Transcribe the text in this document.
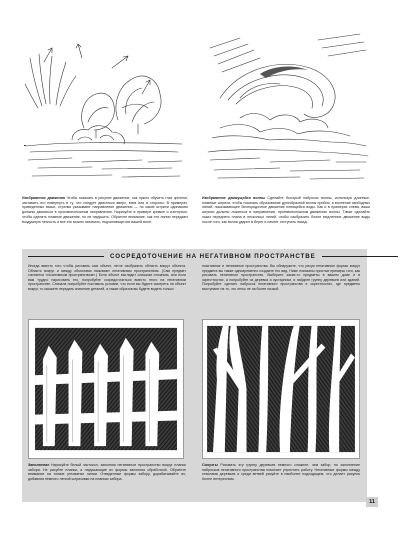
Изображение движения Чтобы показать в рисунке движение, как нужно обучить глаз зрителя, заставить его повернуть в ту, что следует двигаться вверх, вниз или в стороны. В примерах, приведенных выше, стрелки указывают направление движения — но какие штрихи одинаково должны двигаться в противоположном направлении. Нарисуйте в примере кривые и изогнутые, чтобы сделать плавное движение, но не нарушить. Обратите внимание, как эти линии передают воздушную легкость и все это можно написать, подчиняющегося вашей воле.
Изображение движущейся волны Сделайте быстрый набросок волны, используя длинные, плавные штрихи, чтобы показать образование дугообразной волны прибоя, а волнение свободных линий, показывающее беспорядочное движение пенящейся воды. Как и в примерах слева, ваши штрихи должны ложиться в направлении, противоположном движению волны. Также сделайте эскиз переднего плана в несколько линий, чтобы изобразить более медленное движение воды после того, как волна ударит в берег и начнет отступать назад.
СОСРЕДОТОЧЕНИЕ НА НЕГАТИВНОМ ПРОСТРАНСТВЕ
Иногда вместо того чтобы рисовать сам объект, легче изобразить область вокруг объекта. Область вокруг и между объектами называют негативным пространством. (Сам предмет считается «позитивным пространством».) Если объект выглядит слишком сложным, или если вам трудно нарисовать его, попробуйте сосредоточиться вместо этого на негативном пространстве. Сначала попробуйте поставить условие, что если вы будете смотреть на объект вокруг, то сможете передать значение деталей, а также образов вы будете видеть только
позитивное и негативное пространства. Вы обнаружите, что рисуя негативные формы вокруг предмета вы также одновременно создаете его вид. Ниже показаны простые примеры того, как рисовать негативное пространство. Выберите какие-то предметы в вашем доме и в окрестностях, а попробуйте их деревья и кустарники, и найдите группу деревьев или зданий. Попробуйте сделать набросок негативного пространства в окрестностях, где предметы выступают на то, что легко не на более низкой.
Заполнение Нарисуйте белый частокол, заполняя негативное пространство вокруг планок забора. Не рисуйте планки, а нарушающие их формы заполняя обработкой. Обратите внимание на тонкие угловатые линии. Отведенные формы забору, дорабатывайте их, добавляя немного легкой штриховки на планках забора.
Силуэты Рисовать эту группу деревьев немного сложнее, чем забор, но заполнение набросков негативного пространства помогает упростить работу. Негативные формы между стволами деревьев и среди ветвей рисуйте в наиболее подходящем, что делает рисунок более интересным.
11
